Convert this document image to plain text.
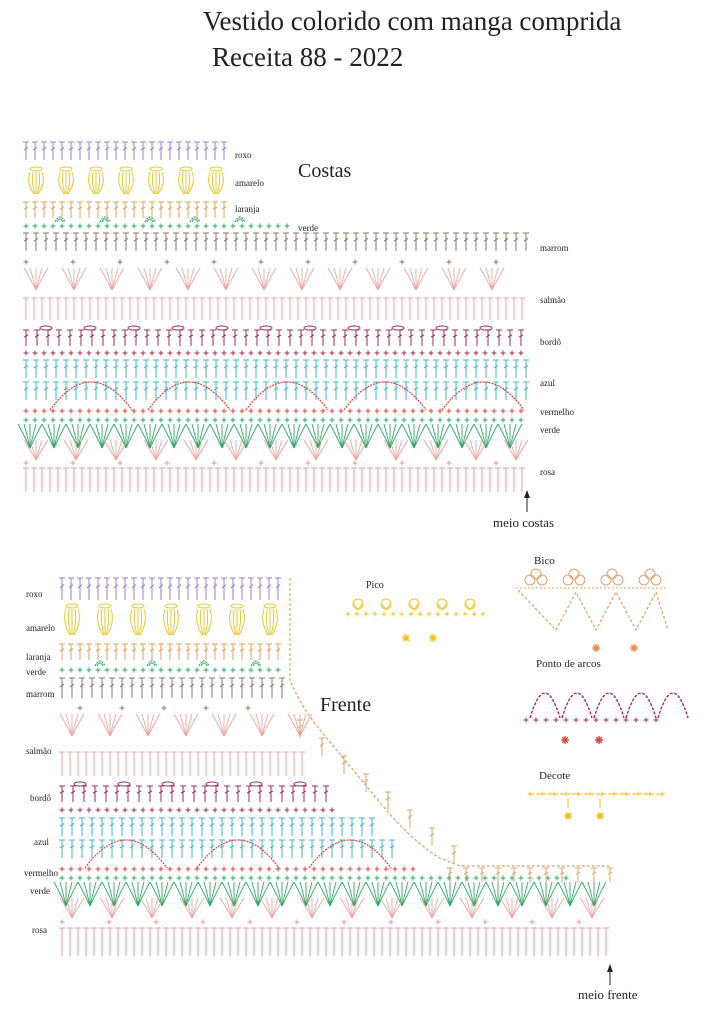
Vestido colorido com manga comprida
Receita 88 - 2022
Costas
roxo
amarelo
laranja
verde
marrom
salmão
bordô
azul
vermelho
verde
rosa
meio costas
Frente
roxo
amarelo
laranja
verde
marrom
salmão
bordô
azul
vermelho
verde
rosa
meio frente
Pico
Bico
Ponto de arcos
Decote
